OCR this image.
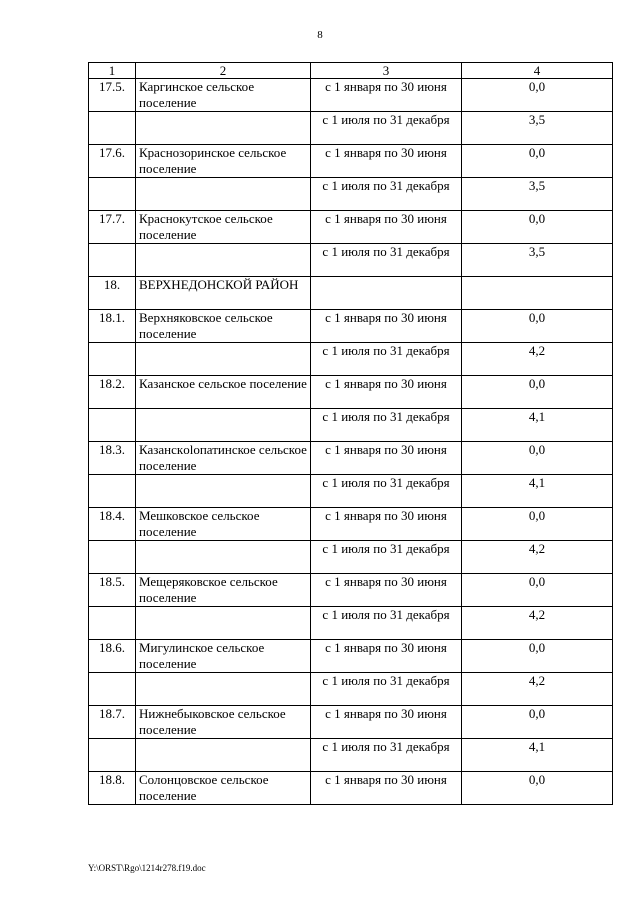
8
1	2	3	4
17.5.	Каргинское сельское поселение	с 1 января по 30 июня	0,0
		с 1 июля по 31 декабря	3,5
17.6.	Краснозоринское сельское поселение	с 1 января по 30 июня	0,0
		с 1 июля по 31 декабря	3,5
17.7.	Краснокутское сельское поселение	с 1 января по 30 июня	0,0
		с 1 июля по 31 декабря	3,5
18.	ВЕРХНЕДОНСКОЙ РАЙОН		
18.1.	Верхняковское сельское поселение	с 1 января по 30 июня	0,0
		с 1 июля по 31 декабря	4,2
18.2.	Казанское сельское поселение	с 1 января по 30 июня	0,0
		с 1 июля по 31 декабря	4,1
18.3.	Казанскolопатинское сельское поселение	с 1 января по 30 июня	0,0
		с 1 июля по 31 декабря	4,1
18.4.	Мешковское сельское поселение	с 1 января по 30 июня	0,0
		с 1 июля по 31 декабря	4,2
18.5.	Мещеряковское сельское поселение	с 1 января по 30 июня	0,0
		с 1 июля по 31 декабря	4,2
18.6.	Мигулинское сельское поселение	с 1 января по 30 июня	0,0
		с 1 июля по 31 декабря	4,2
18.7.	Нижнебыковское сельское поселение	с 1 января по 30 июня	0,0
		с 1 июля по 31 декабря	4,1
18.8.	Солонцовское сельское поселение	с 1 января по 30 июня	0,0
Y:\ORST\Rgo\1214r278.f19.doc
